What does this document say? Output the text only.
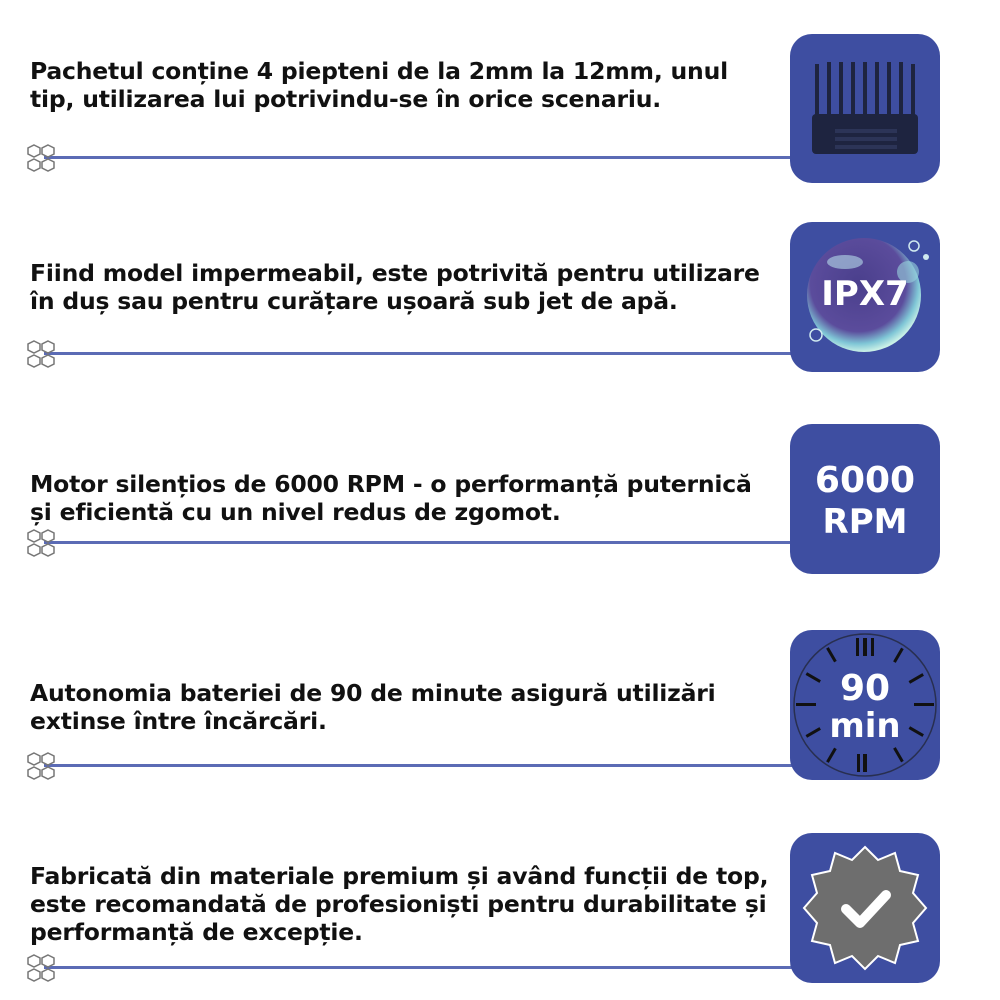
Pachetul conține 4 piepteni de la 2mm la 12mm, unul tip, utilizarea lui potrivindu-se în orice scenariu.
Fiind model impermeabil, este potrivită pentru utilizare în duș sau pentru curățare ușoară sub jet de apă.	IPX7
Motor silențios de 6000 RPM - o performanță puternică și eficientă cu un nivel redus de zgomot.
6000
RPM
Autonomia bateriei de 90 de minute asigură utilizări extinse între încărcări.
90
min
Fabricată din materiale premium și având funcții de top, este recomandată de profesioniști pentru durabilitate și performanță de excepție.
